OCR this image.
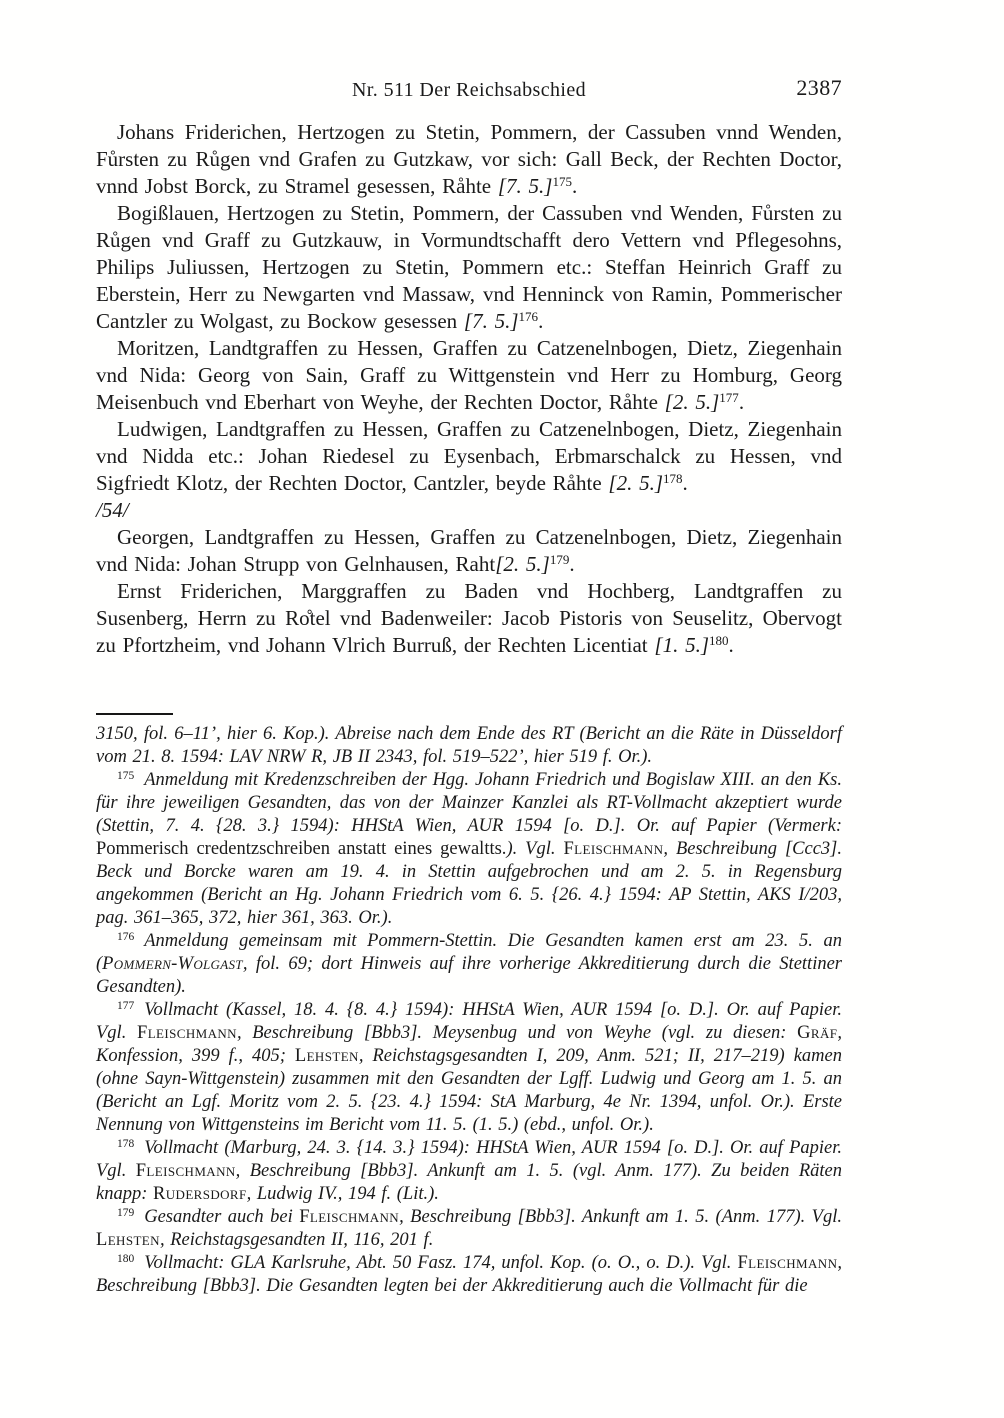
Nr. 511 Der Reichsabschied	2387

Johans Friderichen, Hertzogen zu Stetin, Pommern, der Cassuben vnnd Wenden, Fůrsten zu Růgen vnd Grafen zu Gutzkaw, vor sich: Gall Beck, der Rechten Doctor, vnnd Jobst Borck, zu Stramel gesessen, Råhte [7. 5.]$^{175}$.

Bogißlauen, Hertzogen zu Stetin, Pommern, der Cassuben vnd Wenden, Fůrsten zu Růgen vnd Graff zu Gutzkauw, in Vormundtschafft dero Vettern vnd Pflegesohns, Philips Juliussen, Hertzogen zu Stetin, Pommern etc.: Steffan Heinrich Graff zu Eberstein, Herr zu Newgarten vnd Massaw, vnd Henninck von Ramin, Pommerischer Cantzler zu Wolgast, zu Bockow gesessen [7. 5.]$^{176}$.

Moritzen, Landtgraffen zu Hessen, Graffen zu Catzenelnbogen, Dietz, Ziegenhain vnd Nida: Georg von Sain, Graff zu Wittgenstein vnd Herr zu Homburg, Georg Meisenbuch vnd Eberhart von Weyhe, der Rechten Doctor, Råhte [2. 5.]$^{177}$.

Ludwigen, Landtgraffen zu Hessen, Graffen zu Catzenelnbogen, Dietz, Ziegenhain vnd Nidda etc.: Johan Riedesel zu Eysenbach, Erbmarschalck zu Hessen, vnd Sigfriedt Klotz, der Rechten Doctor, Cantzler, beyde Råhte [2. 5.]$^{178}$.

/54/

Georgen, Landtgraffen zu Hessen, Graffen zu Catzenelnbogen, Dietz, Ziegenhain vnd Nida: Johan Strupp von Gelnhausen, Raht[2. 5.]$^{179}$.

Ernst Friderichen, Marggraffen zu Baden vnd Hochberg, Landtgraffen zu Susenberg, Herrn zu Ro̊tel vnd Badenweiler: Jacob Pistoris von Seuselitz, Obervogt zu Pfortzheim, vnd Johann Vlrich Burruß, der Rechten Licentiat [1. 5.]$^{180}$.

3150, fol. 6–11’, hier 6. Kop.). Abreise nach dem Ende des RT (Bericht an die Räte in Düsseldorf vom 21. 8. 1594: LAV NRW R, JB II 2343, fol. 519–522’, hier 519 f. Or.).

$^{175}$ Anmeldung mit Kredenzschreiben der Hgg. Johann Friedrich und Bogislaw XIII. an den Ks. für ihre jeweiligen Gesandten, das von der Mainzer Kanzlei als RT-Vollmacht akzeptiert wurde (Stettin, 7. 4. {28. 3.} 1594): HHStA Wien, AUR 1594 [o. D.]. Or. auf Papier (Vermerk: Pommerisch credentzschreiben anstatt eines gewaltts.). Vgl. Fleischmann, Beschreibung [Ccc3]. Beck und Borcke waren am 19. 4. in Stettin aufgebrochen und am 2. 5. in Regensburg angekommen (Bericht an Hg. Johann Friedrich vom 6. 5. {26. 4.} 1594: AP Stettin, AKS I/203, pag. 361–365, 372, hier 361, 363. Or.).

$^{176}$ Anmeldung gemeinsam mit Pommern-Stettin. Die Gesandten kamen erst am 23. 5. an (Pommern-Wolgast, fol. 69; dort Hinweis auf ihre vorherige Akkreditierung durch die Stettiner Gesandten).

$^{177}$ Vollmacht (Kassel, 18. 4. {8. 4.} 1594): HHStA Wien, AUR 1594 [o. D.]. Or. auf Papier. Vgl. Fleischmann, Beschreibung [Bbb3]. Meysenbug und von Weyhe (vgl. zu diesen: Gräf, Konfession, 399 f., 405; Lehsten, Reichstagsgesandten I, 209, Anm. 521; II, 217–219) kamen (ohne Sayn-Wittgenstein) zusammen mit den Gesandten der Lgff. Ludwig und Georg am 1. 5. an (Bericht an Lgf. Moritz vom 2. 5. {23. 4.} 1594: StA Marburg, 4e Nr. 1394, unfol. Or.). Erste Nennung von Wittgensteins im Bericht vom 11. 5. (1. 5.) (ebd., unfol. Or.).

$^{178}$ Vollmacht (Marburg, 24. 3. {14. 3.} 1594): HHStA Wien, AUR 1594 [o. D.]. Or. auf Papier. Vgl. Fleischmann, Beschreibung [Bbb3]. Ankunft am 1. 5. (vgl. Anm. 177). Zu beiden Räten knapp: Rudersdorf, Ludwig IV., 194 f. (Lit.).

$^{179}$ Gesandter auch bei Fleischmann, Beschreibung [Bbb3]. Ankunft am 1. 5. (Anm. 177). Vgl. Lehsten, Reichstagsgesandten II, 116, 201 f.

$^{180}$ Vollmacht: GLA Karlsruhe, Abt. 50 Fasz. 174, unfol. Kop. (o. O., o. D.). Vgl. Fleischmann, Beschreibung [Bbb3]. Die Gesandten legten bei der Akkreditierung auch die Vollmacht für die
